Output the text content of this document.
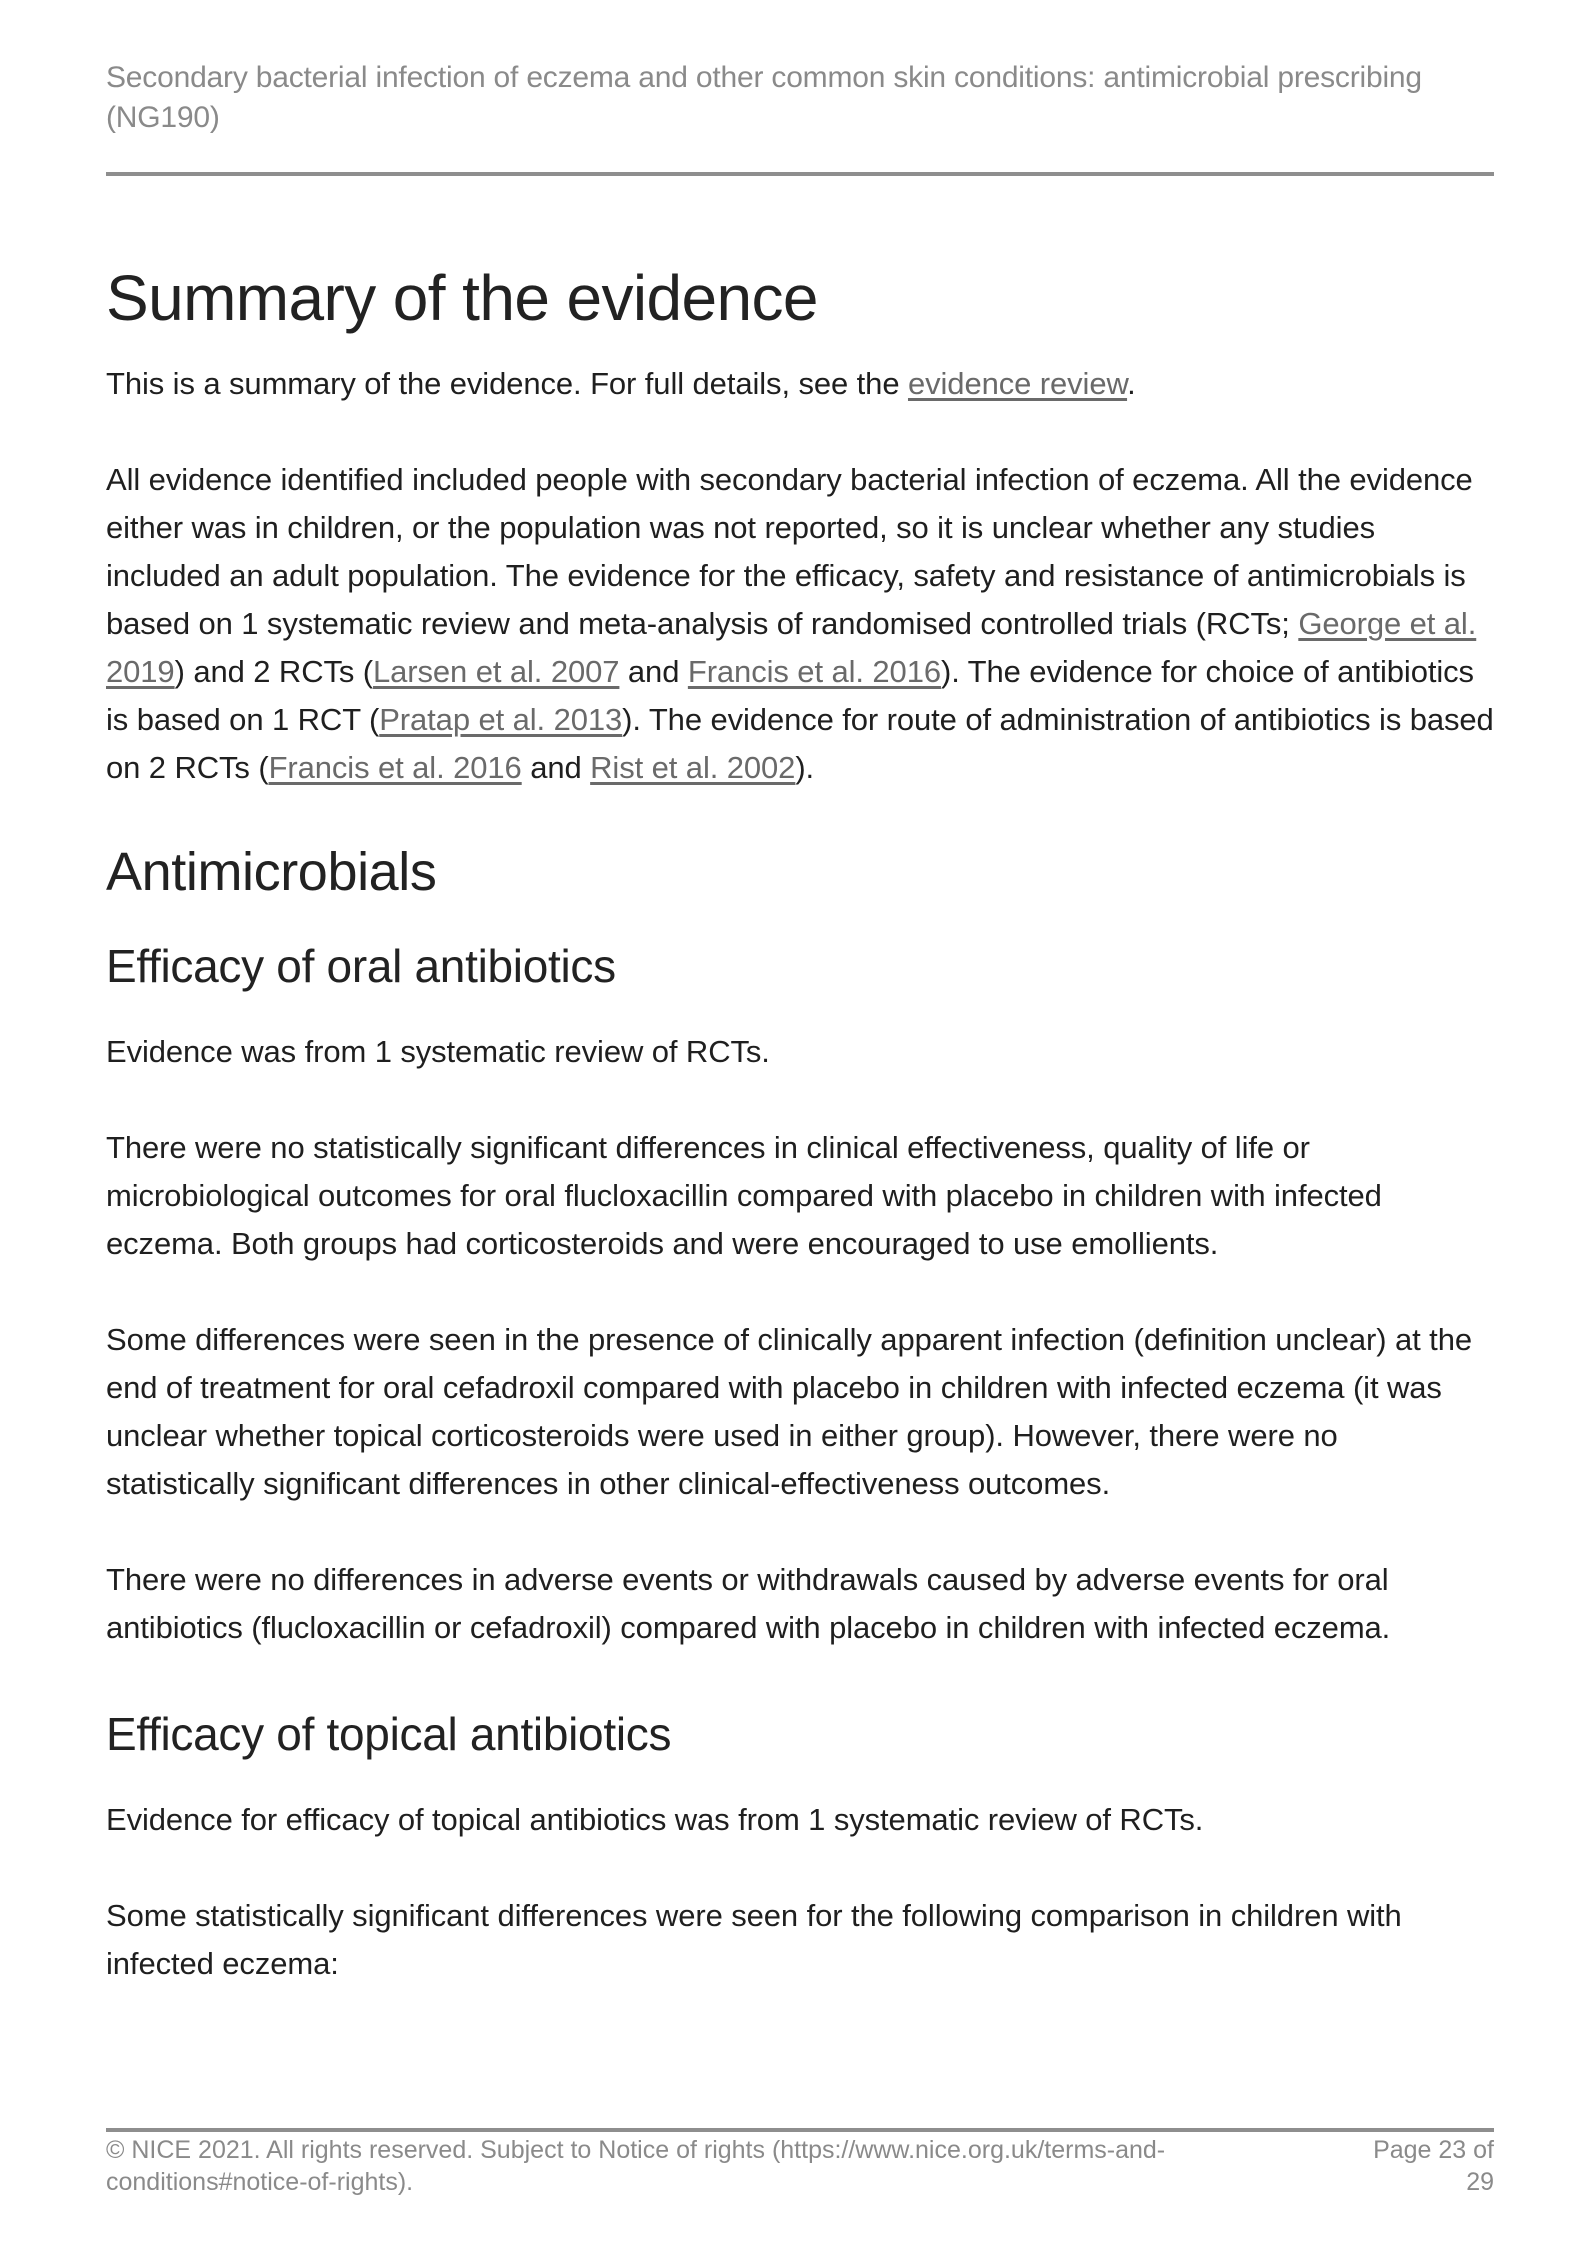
Secondary bacterial infection of eczema and other common skin conditions: antimicrobial prescribing (NG190)
Summary of the evidence

This is a summary of the evidence. For full details, see the evidence review.

All evidence identified included people with secondary bacterial infection of eczema. All the evidence either was in children, or the population was not reported, so it is unclear whether any studies included an adult population. The evidence for the efficacy, safety and resistance of antimicrobials is based on 1 systematic review and meta-analysis of randomised controlled trials (RCTs; George et al. 2019) and 2 RCTs (Larsen et al. 2007 and Francis et al. 2016). The evidence for choice of antibiotics is based on 1 RCT (Pratap et al. 2013). The evidence for route of administration of antibiotics is based on 2 RCTs (Francis et al. 2016 and Rist et al. 2002).

Antimicrobials
Efficacy of oral antibiotics

Evidence was from 1 systematic review of RCTs.

There were no statistically significant differences in clinical effectiveness, quality of life or microbiological outcomes for oral flucloxacillin compared with placebo in children with infected eczema. Both groups had corticosteroids and were encouraged to use emollients.

Some differences were seen in the presence of clinically apparent infection (definition unclear) at the end of treatment for oral cefadroxil compared with placebo in children with infected eczema (it was unclear whether topical corticosteroids were used in either group). However, there were no statistically significant differences in other clinical-effectiveness outcomes.

There were no differences in adverse events or withdrawals caused by adverse events for oral antibiotics (flucloxacillin or cefadroxil) compared with placebo in children with infected eczema.

Efficacy of topical antibiotics

Evidence for efficacy of topical antibiotics was from 1 systematic review of RCTs.

Some statistically significant differences were seen for the following comparison in children with infected eczema:

© NICE 2021. All rights reserved. Subject to Notice of rights (https://www.nice.org.uk/terms-and-conditions#notice-of-rights).
Page 23 of 29
